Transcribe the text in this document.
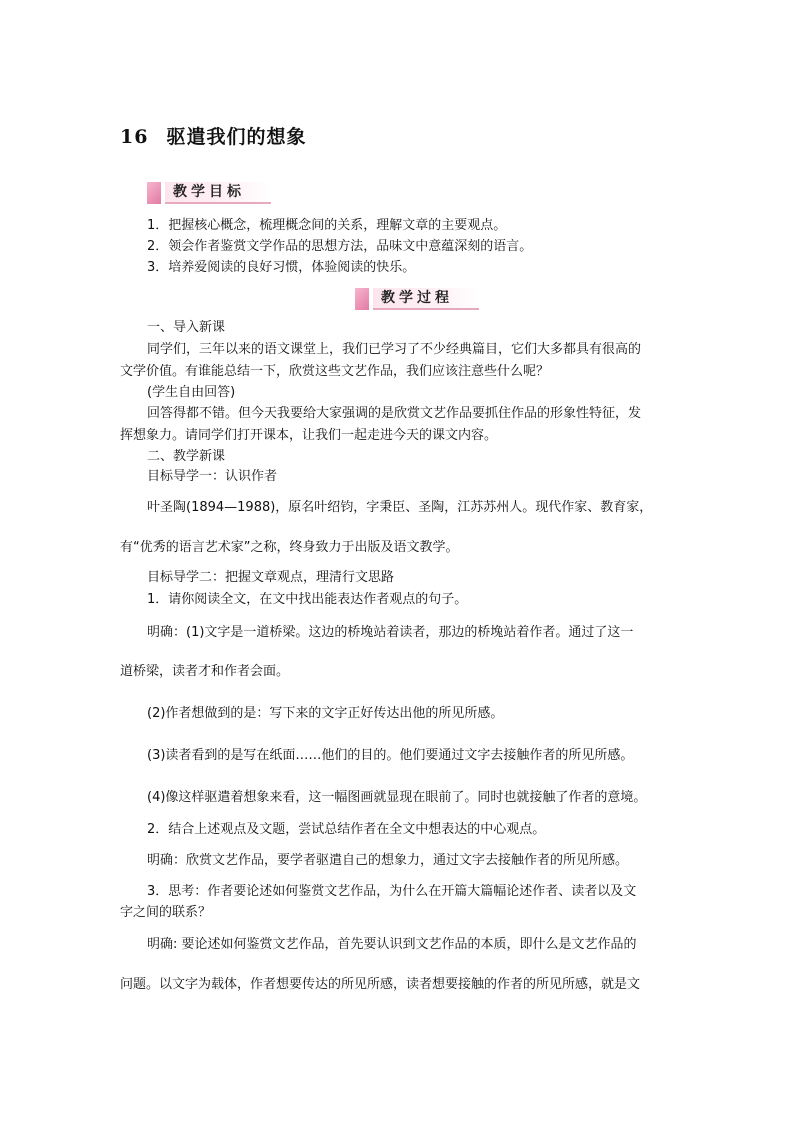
16 驱遣我们的想象
教学目标
1．把握核心概念，梳理概念间的关系，理解文章的主要观点。
2．领会作者鉴赏文学作品的思想方法，品味文中意蕴深刻的语言。
3．培养爱阅读的良好习惯，体验阅读的快乐。
教学过程
一、导入新课
同学们，三年以来的语文课堂上，我们已学习了不少经典篇目，它们大多都具有很高的
文学价值。有谁能总结一下，欣赏这些文艺作品，我们应该注意些什么呢？
(学生自由回答)
回答得都不错。但今天我要给大家强调的是欣赏文艺作品要抓住作品的形象性特征，发
挥想象力。请同学们打开课本，让我们一起走进今天的课文内容。
二、教学新课
目标导学一：认识作者
叶圣陶(1894—1988)，原名叶绍钧，字秉臣、圣陶，江苏苏州人。现代作家、教育家，
有“优秀的语言艺术家”之称，终身致力于出版及语文教学。
目标导学二：把握文章观点，理清行文思路
1．请你阅读全文，在文中找出能表达作者观点的句子。
明确：(1)文字是一道桥梁。这边的桥堍站着读者，那边的桥堍站着作者。通过了这一
道桥梁，读者才和作者会面。
(2)作者想做到的是：写下来的文字正好传达出他的所见所感。
(3)读者看到的是写在纸面……他们的目的。他们要通过文字去接触作者的所见所感。
(4)像这样驱遣着想象来看，这一幅图画就显现在眼前了。同时也就接触了作者的意境。
2．结合上述观点及文题，尝试总结作者在全文中想表达的中心观点。
明确：欣赏文艺作品，要学者驱遣自己的想象力，通过文字去接触作者的所见所感。
3．思考：作者要论述如何鉴赏文艺作品，为什么在开篇大篇幅论述作者、读者以及文
字之间的联系？
明确: 要论述如何鉴赏文艺作品，首先要认识到文艺作品的本质，即什么是文艺作品的
问题。以文字为载体，作者想要传达的所见所感，读者想要接触的作者的所见所感，就是文
